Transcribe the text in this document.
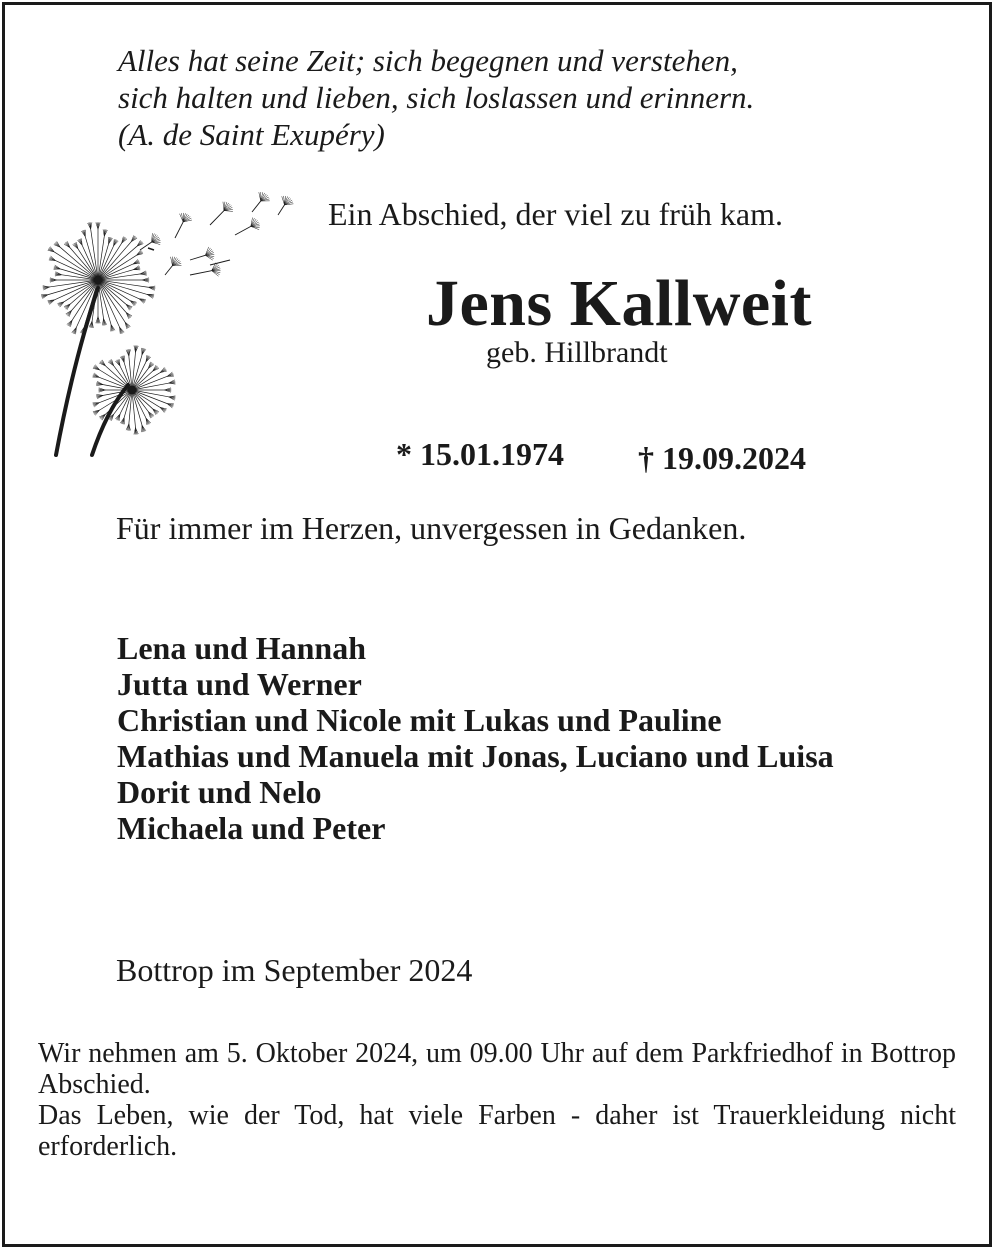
Alles hat seine Zeit; sich begegnen und verstehen,
sich halten und lieben, sich loslassen und erinnern.
(A. de Saint Exupéry)
Ein Abschied, der viel zu früh kam.
Jens Kallweit
geb. Hillbrandt
* 15.01.1974 † 19.09.2024
Für immer im Herzen, unvergessen in Gedanken.
Lena und Hannah
Jutta und Werner
Christian und Nicole mit Lukas und Pauline
Mathias und Manuela mit Jonas, Luciano und Luisa
Dorit und Nelo
Michaela und Peter
Bottrop im September 2024

Wir nehmen am 5. Oktober 2024, um 09.00 Uhr auf dem Parkfriedhof in Bottrop Abschied.

Das Leben, wie der Tod, hat viele Farben - daher ist Trauerkleidung nicht erforderlich.
